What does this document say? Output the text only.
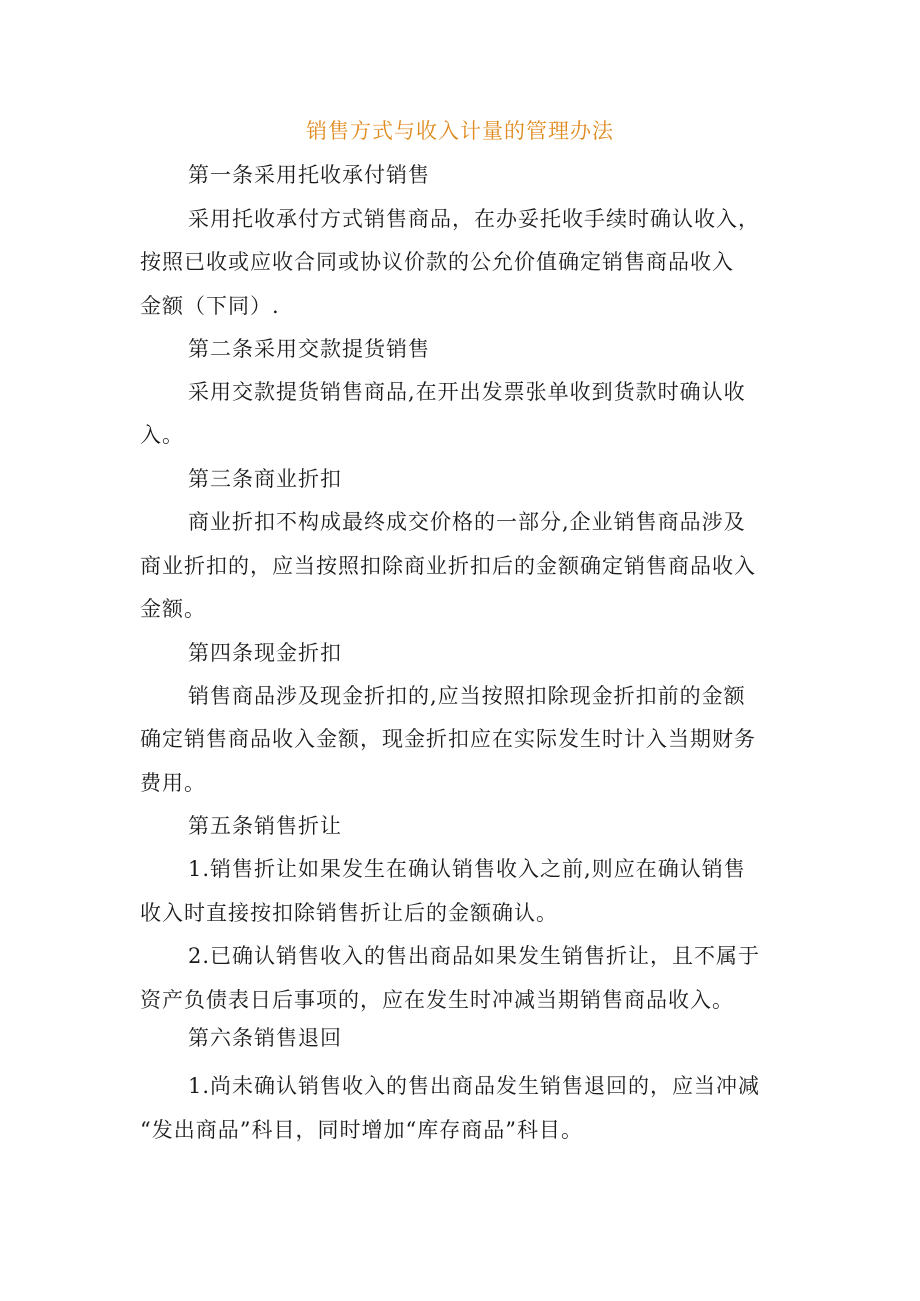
销售方式与收入计量的管理办法
第一条采用托收承付销售
采用托收承付方式销售商品，在办妥托收手续时确认收入，
按照已收或应收合同或协议价款的公允价值确定销售商品收入
金额（下同）.
第二条采用交款提货销售
采用交款提货销售商品,在开出发票张单收到货款时确认收
入。
第三条商业折扣
商业折扣不构成最终成交价格的一部分,企业销售商品涉及
商业折扣的，应当按照扣除商业折扣后的金额确定销售商品收入
金额。
第四条现金折扣
销售商品涉及现金折扣的,应当按照扣除现金折扣前的金额
确定销售商品收入金额，现金折扣应在实际发生时计入当期财务
费用。
第五条销售折让
1.销售折让如果发生在确认销售收入之前,则应在确认销售
收入时直接按扣除销售折让后的金额确认。
2.已确认销售收入的售出商品如果发生销售折让，且不属于
资产负债表日后事项的，应在发生时冲减当期销售商品收入。
第六条销售退回
1.尚未确认销售收入的售出商品发生销售退回的，应当冲减
“发出商品”科目，同时增加“库存商品”科目。
